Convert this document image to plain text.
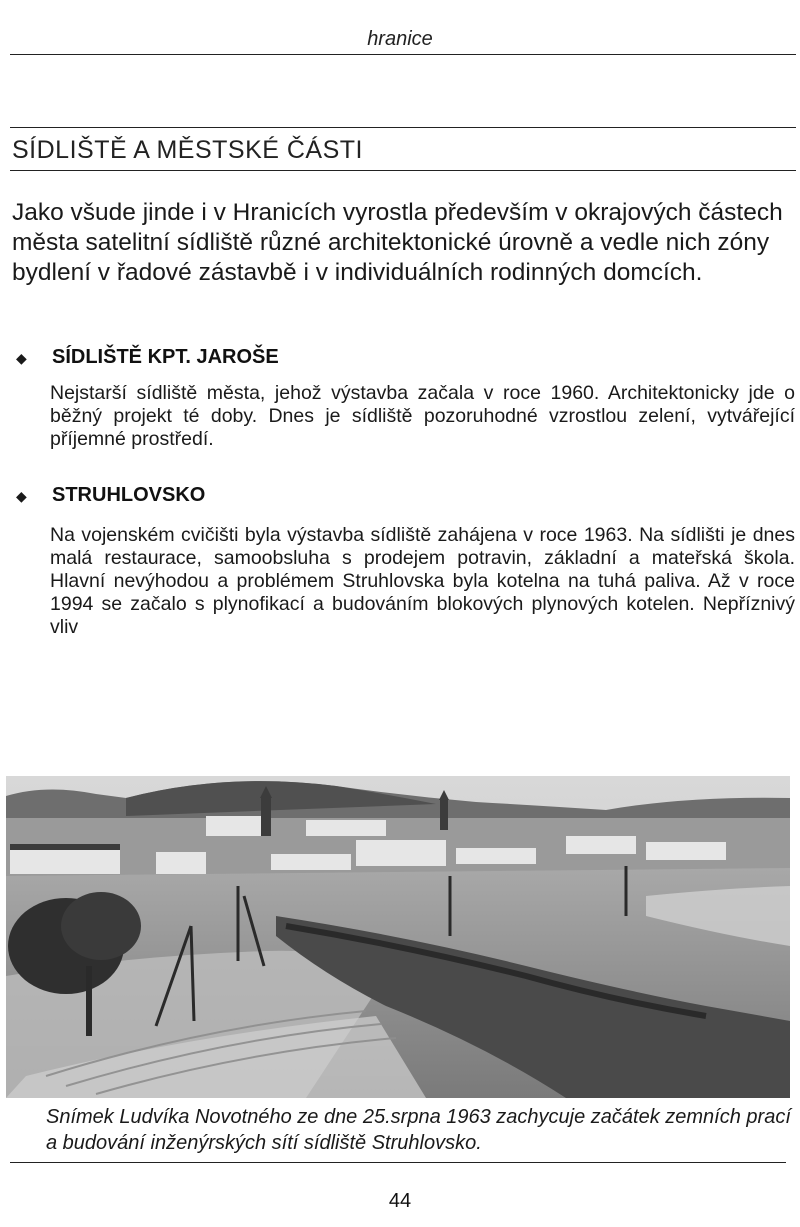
hranice
SÍDLIŠTĚ A MĚSTSKÉ ČÁSTI
Jako všude jinde i v Hranicích vyrostla především v okrajových částech města satelitní sídliště různé architektonické úrovně a vedle nich zóny bydlení v řadové zástavbě i v individuálních rodinných domcích.
◆ SÍDLIŠTĚ KPT. JAROŠE
Nejstarší sídliště města, jehož výstavba začala v roce 1960. Architektonicky jde o běžný projekt té doby. Dnes je sídliště pozoruhodné vzrostlou zelení, vytvářející příjemné prostředí.
◆ STRUHLOVSKO
Na vojenském cvičišti byla výstavba sídliště zahájena v roce 1963. Na sídlišti je dnes malá restaurace, samoobsluha s prodejem potravin, základní a mateřská škola. Hlavní nevýhodou a problémem Struhlovska byla kotelna na tuhá paliva. Až v roce 1994 se začalo s plynofikací a budováním blokových plynových kotelen. Nepříznivý vliv
Snímek Ludvíka Novotného ze dne 25.srpna 1963 zachycuje začátek zemních prací a budování inženýrských sítí sídliště Struhlovsko.
44
